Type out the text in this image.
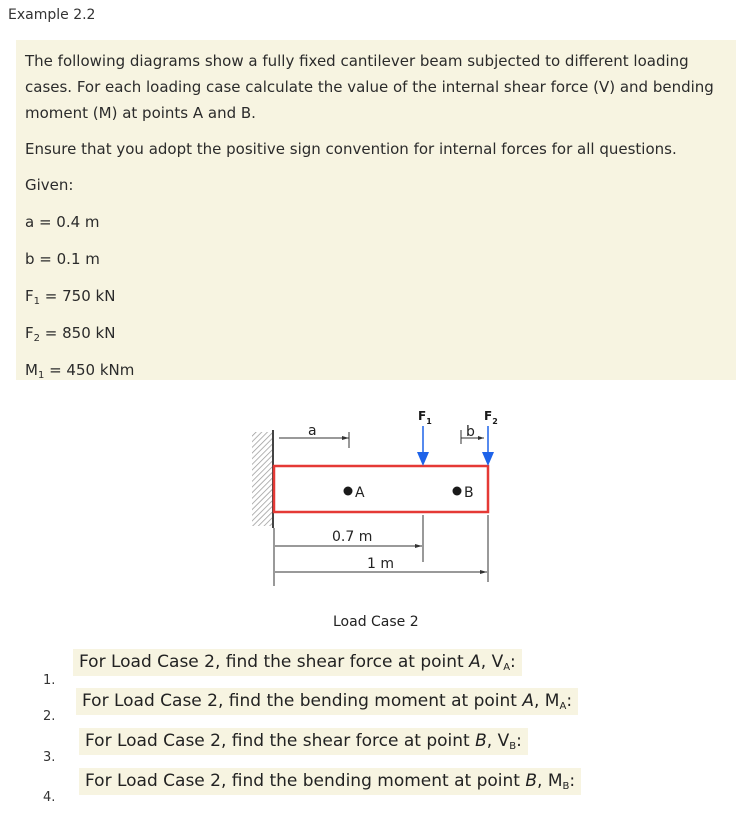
Example 2.2

The following diagrams show a fully fixed cantilever beam subjected to different loading cases. For each loading case calculate the value of the internal shear force (V) and bending moment (M) at points A and B.

Ensure that you adopt the positive sign convention for internal forces for all questions.

Given:
a = 0.4 m
b = 0.1 m
$F_1 = 750$ kN
$F_2 = 850$ kN
$M_1 = 450$ kNm
a
$F_1$	$F_2$
b
A	B
0.7 m
1 m
Load Case 2
1.
For Load Case 2, find the shear force at point A, $V_A$:
2.
For Load Case 2, find the bending moment at point A, $M_A$:
3.
For Load Case 2, find the shear force at point B, $V_B$:
4.
For Load Case 2, find the bending moment at point B, $M_B$:
